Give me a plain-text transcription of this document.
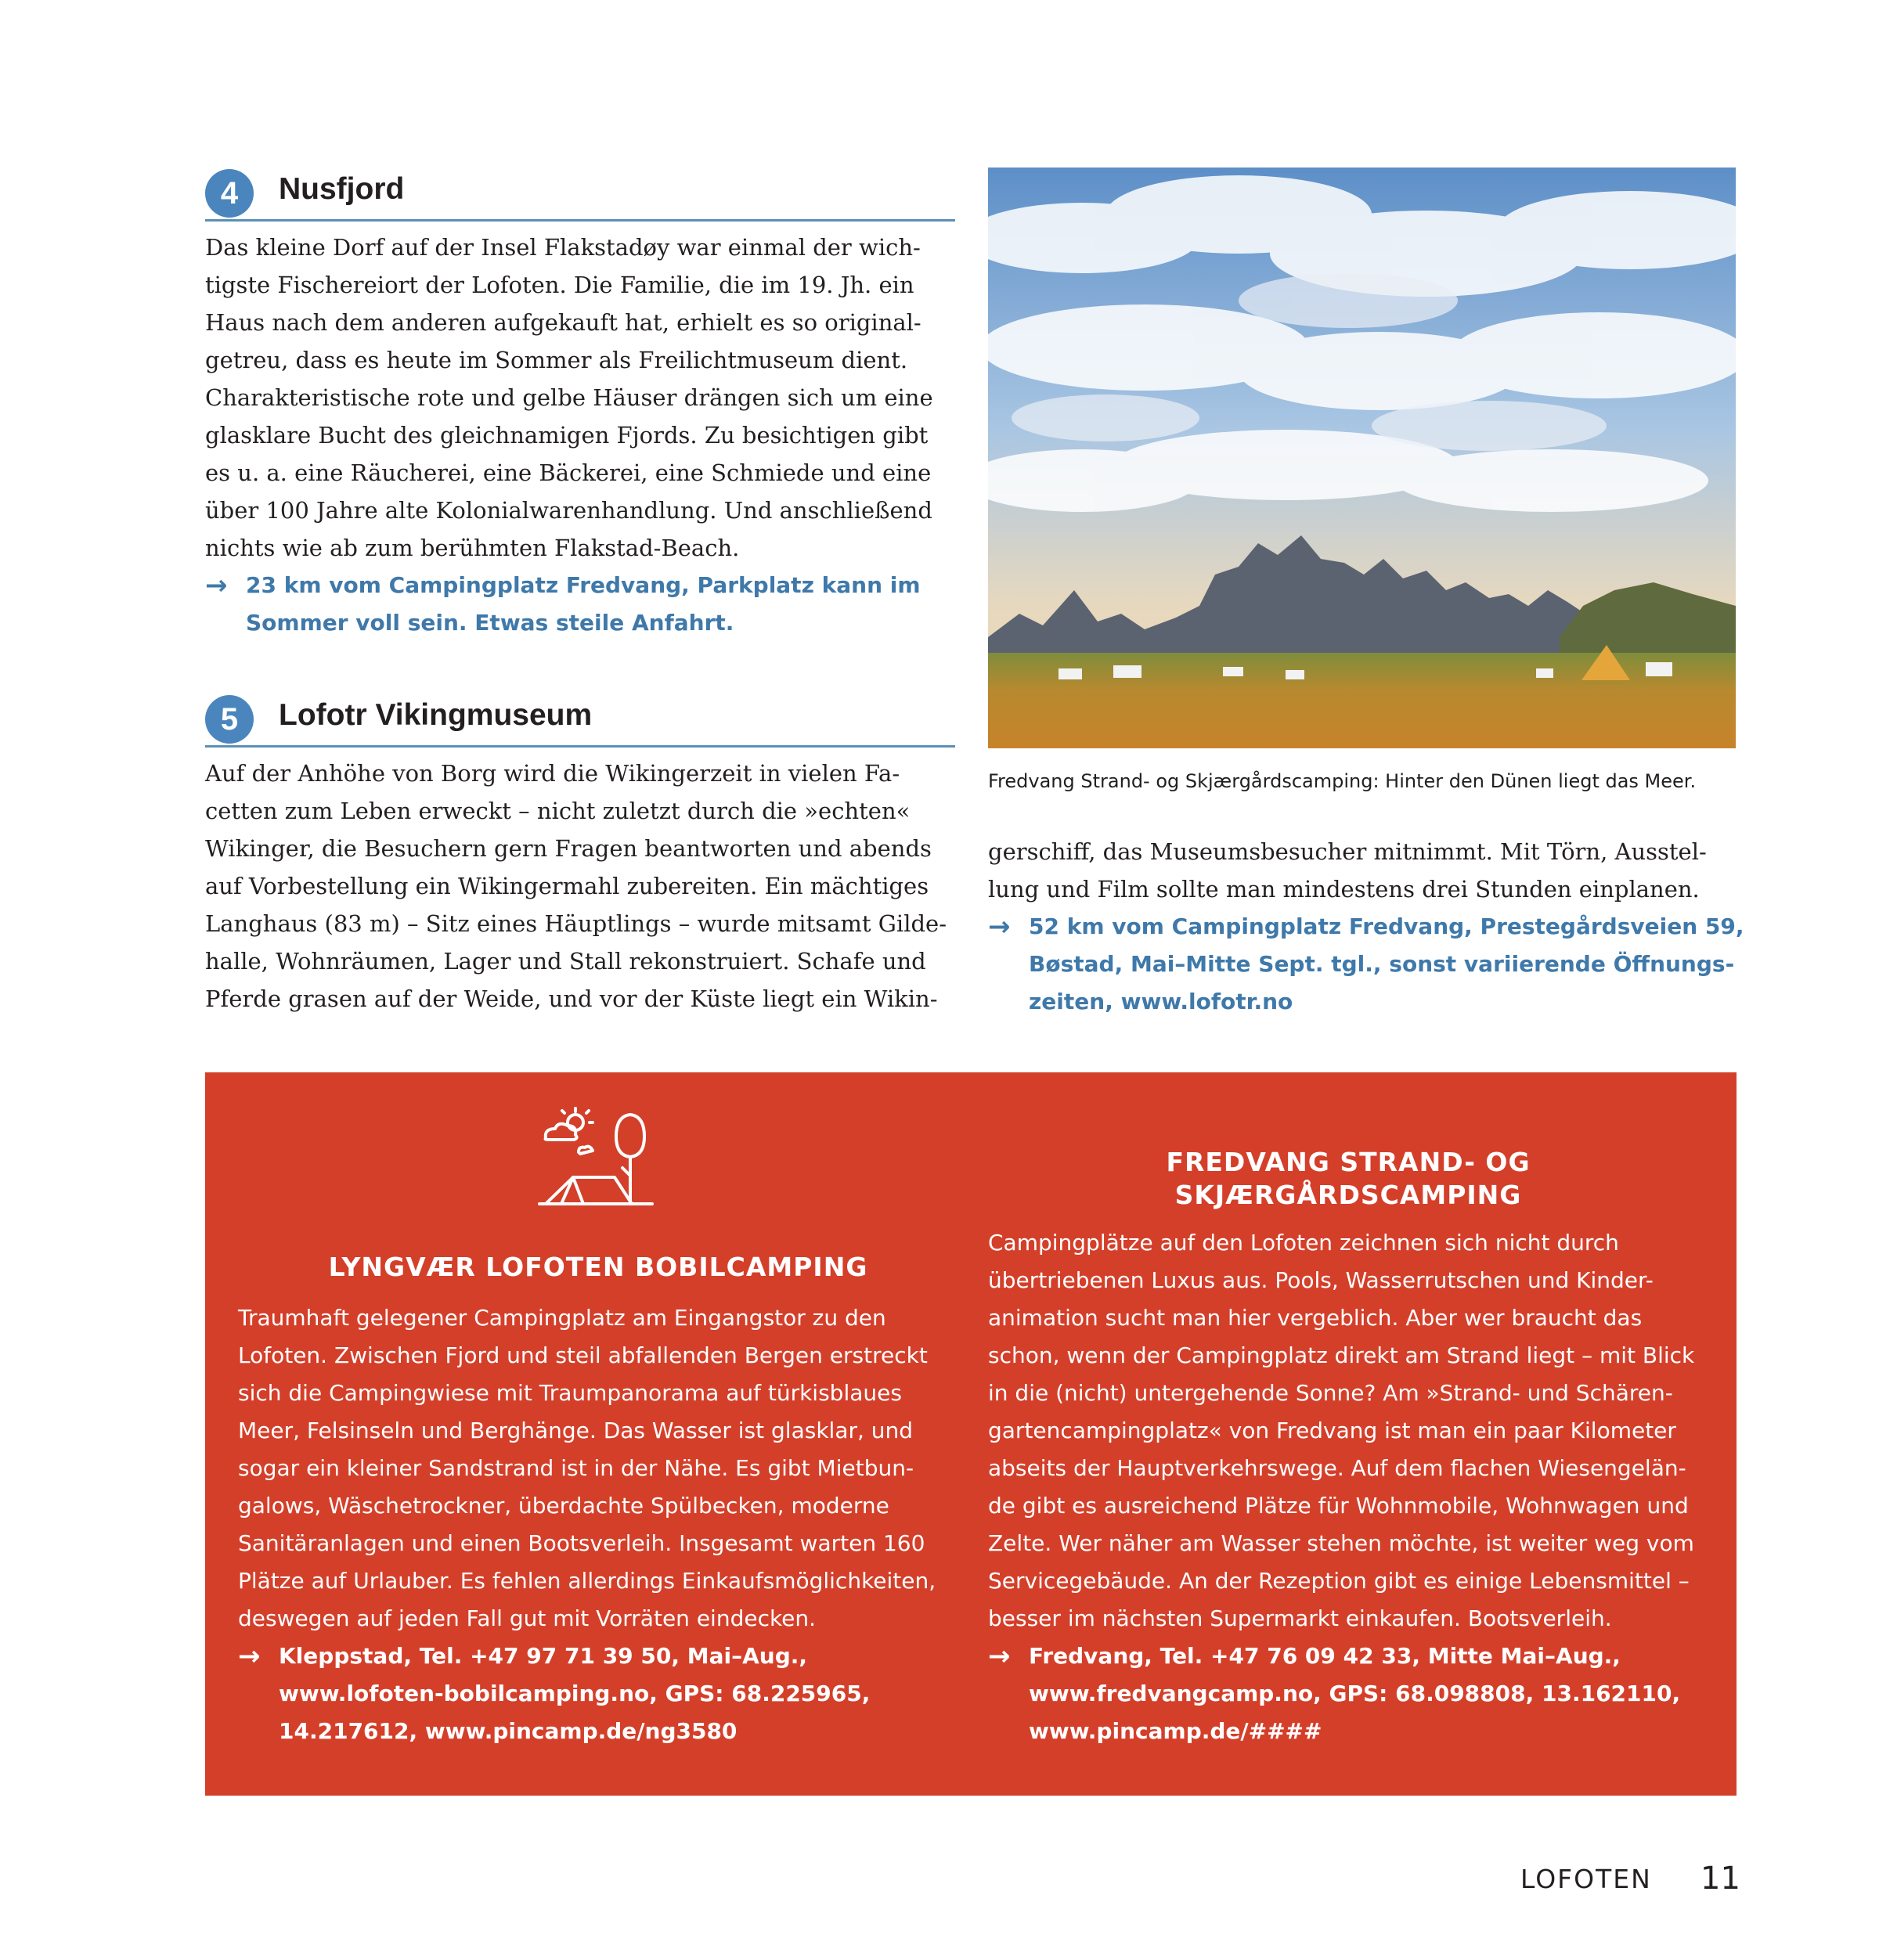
4	Nusfjord
Das kleine Dorf auf der Insel Flakstadøy war einmal der wich-
tigste Fischereiort der Lofoten. Die Familie, die im 19. Jh. ein
Haus nach dem anderen aufgekauft hat, erhielt es so original-
getreu, dass es heute im Sommer als Freilichtmuseum dient.
Charakteristische rote und gelbe Häuser drängen sich um eine
glasklare Bucht des gleichnamigen Fjords. Zu besichtigen gibt
es u. a. eine Räucherei, eine Bäckerei, eine Schmiede und eine
über 100 Jahre alte Kolonialwarenhandlung. Und anschließend
nichts wie ab zum berühmten Flakstad-Beach.
→ 23 km vom Campingplatz Fredvang, Parkplatz kann im
Sommer voll sein. Etwas steile Anfahrt.
5	Lofotr Vikingmuseum
Auf der Anhöhe von Borg wird die Wikingerzeit in vielen Fa-
cetten zum Leben erweckt – nicht zuletzt durch die »echten«
Wikinger, die Besuchern gern Fragen beantworten und abends
auf Vorbestellung ein Wikingermahl zubereiten. Ein mächtiges
Langhaus (83 m) – Sitz eines Häuptlings – wurde mitsamt Gilde-
halle, Wohnräumen, Lager und Stall rekonstruiert. Schafe und
Pferde grasen auf der Weide, und vor der Küste liegt ein Wikin-
Fredvang Strand- og Skjærgårdscamping: Hinter den Dünen liegt das Meer.
gerschiff, das Museumsbesucher mitnimmt. Mit Törn, Ausstel-
lung und Film sollte man mindestens drei Stunden einplanen.
→ 52 km vom Campingplatz Fredvang, Prestegårdsveien 59,
Bøstad, Mai–Mitte Sept. tgl., sonst variierende Öffnungs-
zeiten, www.lofotr.no
LYNGVÆR LOFOTEN BOBILCAMPING
Traumhaft gelegener Campingplatz am Eingangstor zu den
Lofoten. Zwischen Fjord und steil abfallenden Bergen erstreckt
sich die Campingwiese mit Traumpanorama auf türkisblaues
Meer, Felsinseln und Berghänge. Das Wasser ist glasklar, und
sogar ein kleiner Sandstrand ist in der Nähe. Es gibt Mietbun-
galows, Wäschetrockner, überdachte Spülbecken, moderne
Sanitäranlagen und einen Bootsverleih. Insgesamt warten 160
Plätze auf Urlauber. Es fehlen allerdings Einkaufsmöglichkeiten,
deswegen auf jeden Fall gut mit Vorräten eindecken.
→ Kleppstad, Tel. +47 97 71 39 50, Mai–Aug.,
www.lofoten-bobilcamping.no, GPS: 68.225965,
14.217612, www.pincamp.de/ng3580
FREDVANG STRAND- OG
SKJÆRGÅRDSCAMPING
Campingplätze auf den Lofoten zeichnen sich nicht durch
übertriebenen Luxus aus. Pools, Wasserrutschen und Kinder-
animation sucht man hier vergeblich. Aber wer braucht das
schon, wenn der Campingplatz direkt am Strand liegt – mit Blick
in die (nicht) untergehende Sonne? Am »Strand- und Schären-
gartencampingplatz« von Fredvang ist man ein paar Kilometer
abseits der Hauptverkehrswege. Auf dem flachen Wiesengelän-
de gibt es ausreichend Plätze für Wohnmobile, Wohnwagen und
Zelte. Wer näher am Wasser stehen möchte, ist weiter weg vom
Servicegebäude. An der Rezeption gibt es einige Lebensmittel –
besser im nächsten Supermarkt einkaufen. Bootsverleih.
→ Fredvang, Tel. +47 76 09 42 33, Mitte Mai–Aug.,
www.fredvangcamp.no, GPS: 68.098808, 13.162110,
www.pincamp.de/####
LOFOTEN 11
